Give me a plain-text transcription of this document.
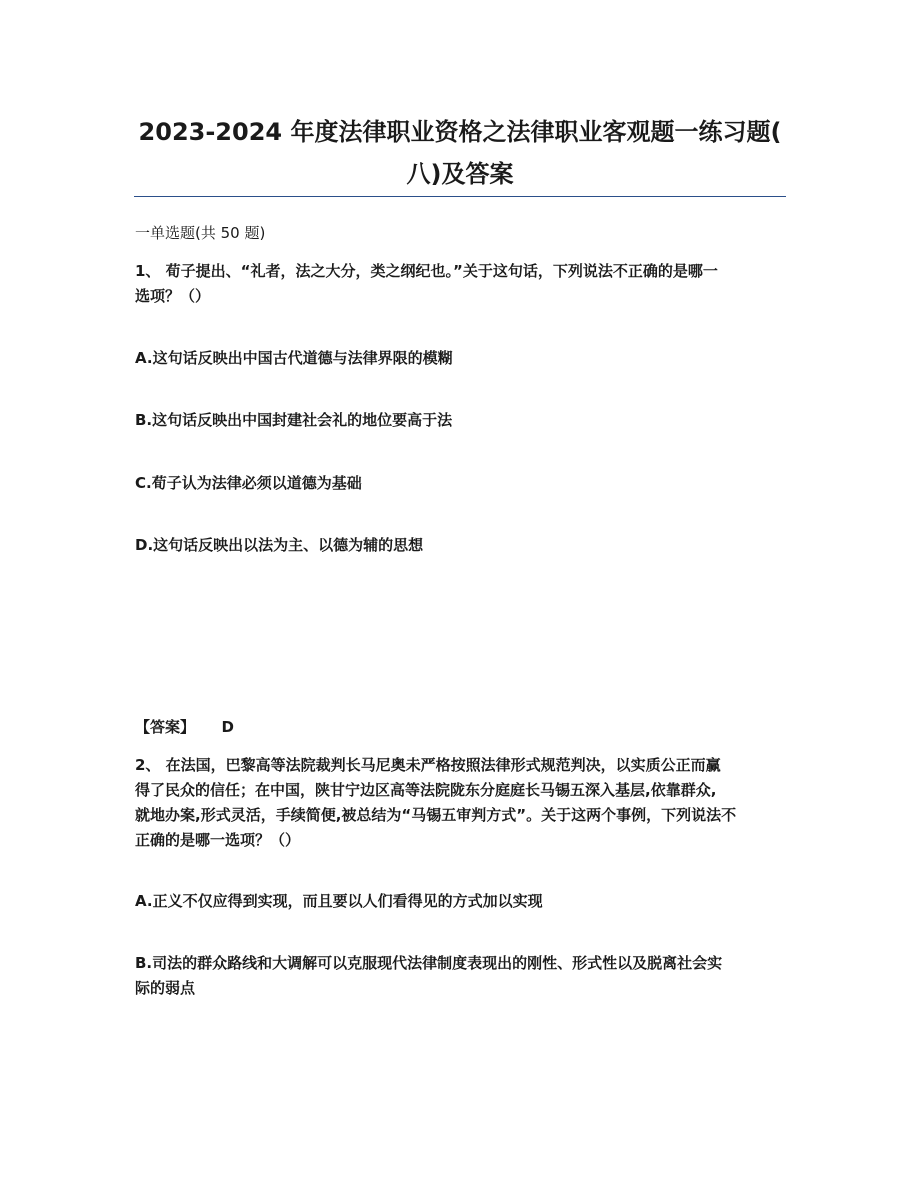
2023-2024 年度法律职业资格之法律职业客观题一练习题(
八)及答案
一单选题(共 50 题)
1、 荀子提出、“礼者，法之大分，类之纲纪也。”关于这句话，下列说法不正确的是哪一
选项？（）
A.这句话反映出中国古代道德与法律界限的模糊
B.这句话反映出中国封建社会礼的地位要高于法
C.荀子认为法律必须以道德为基础
D.这句话反映出以法为主、以德为辅的思想
【答案】 D
2、 在法国，巴黎高等法院裁判长马尼奥未严格按照法律形式规范判决，以实质公正而赢
得了民众的信任；在中国，陕甘宁边区高等法院陇东分庭庭长马锡五深入基层,依靠群众,
就地办案,形式灵活，手续简便,被总结为“马锡五审判方式”。关于这两个事例，下列说法不
正确的是哪一选项？（）
A.正义不仅应得到实现，而且要以人们看得见的方式加以实现
B.司法的群众路线和大调解可以克服现代法律制度表现出的刚性、形式性以及脱离社会实
际的弱点
